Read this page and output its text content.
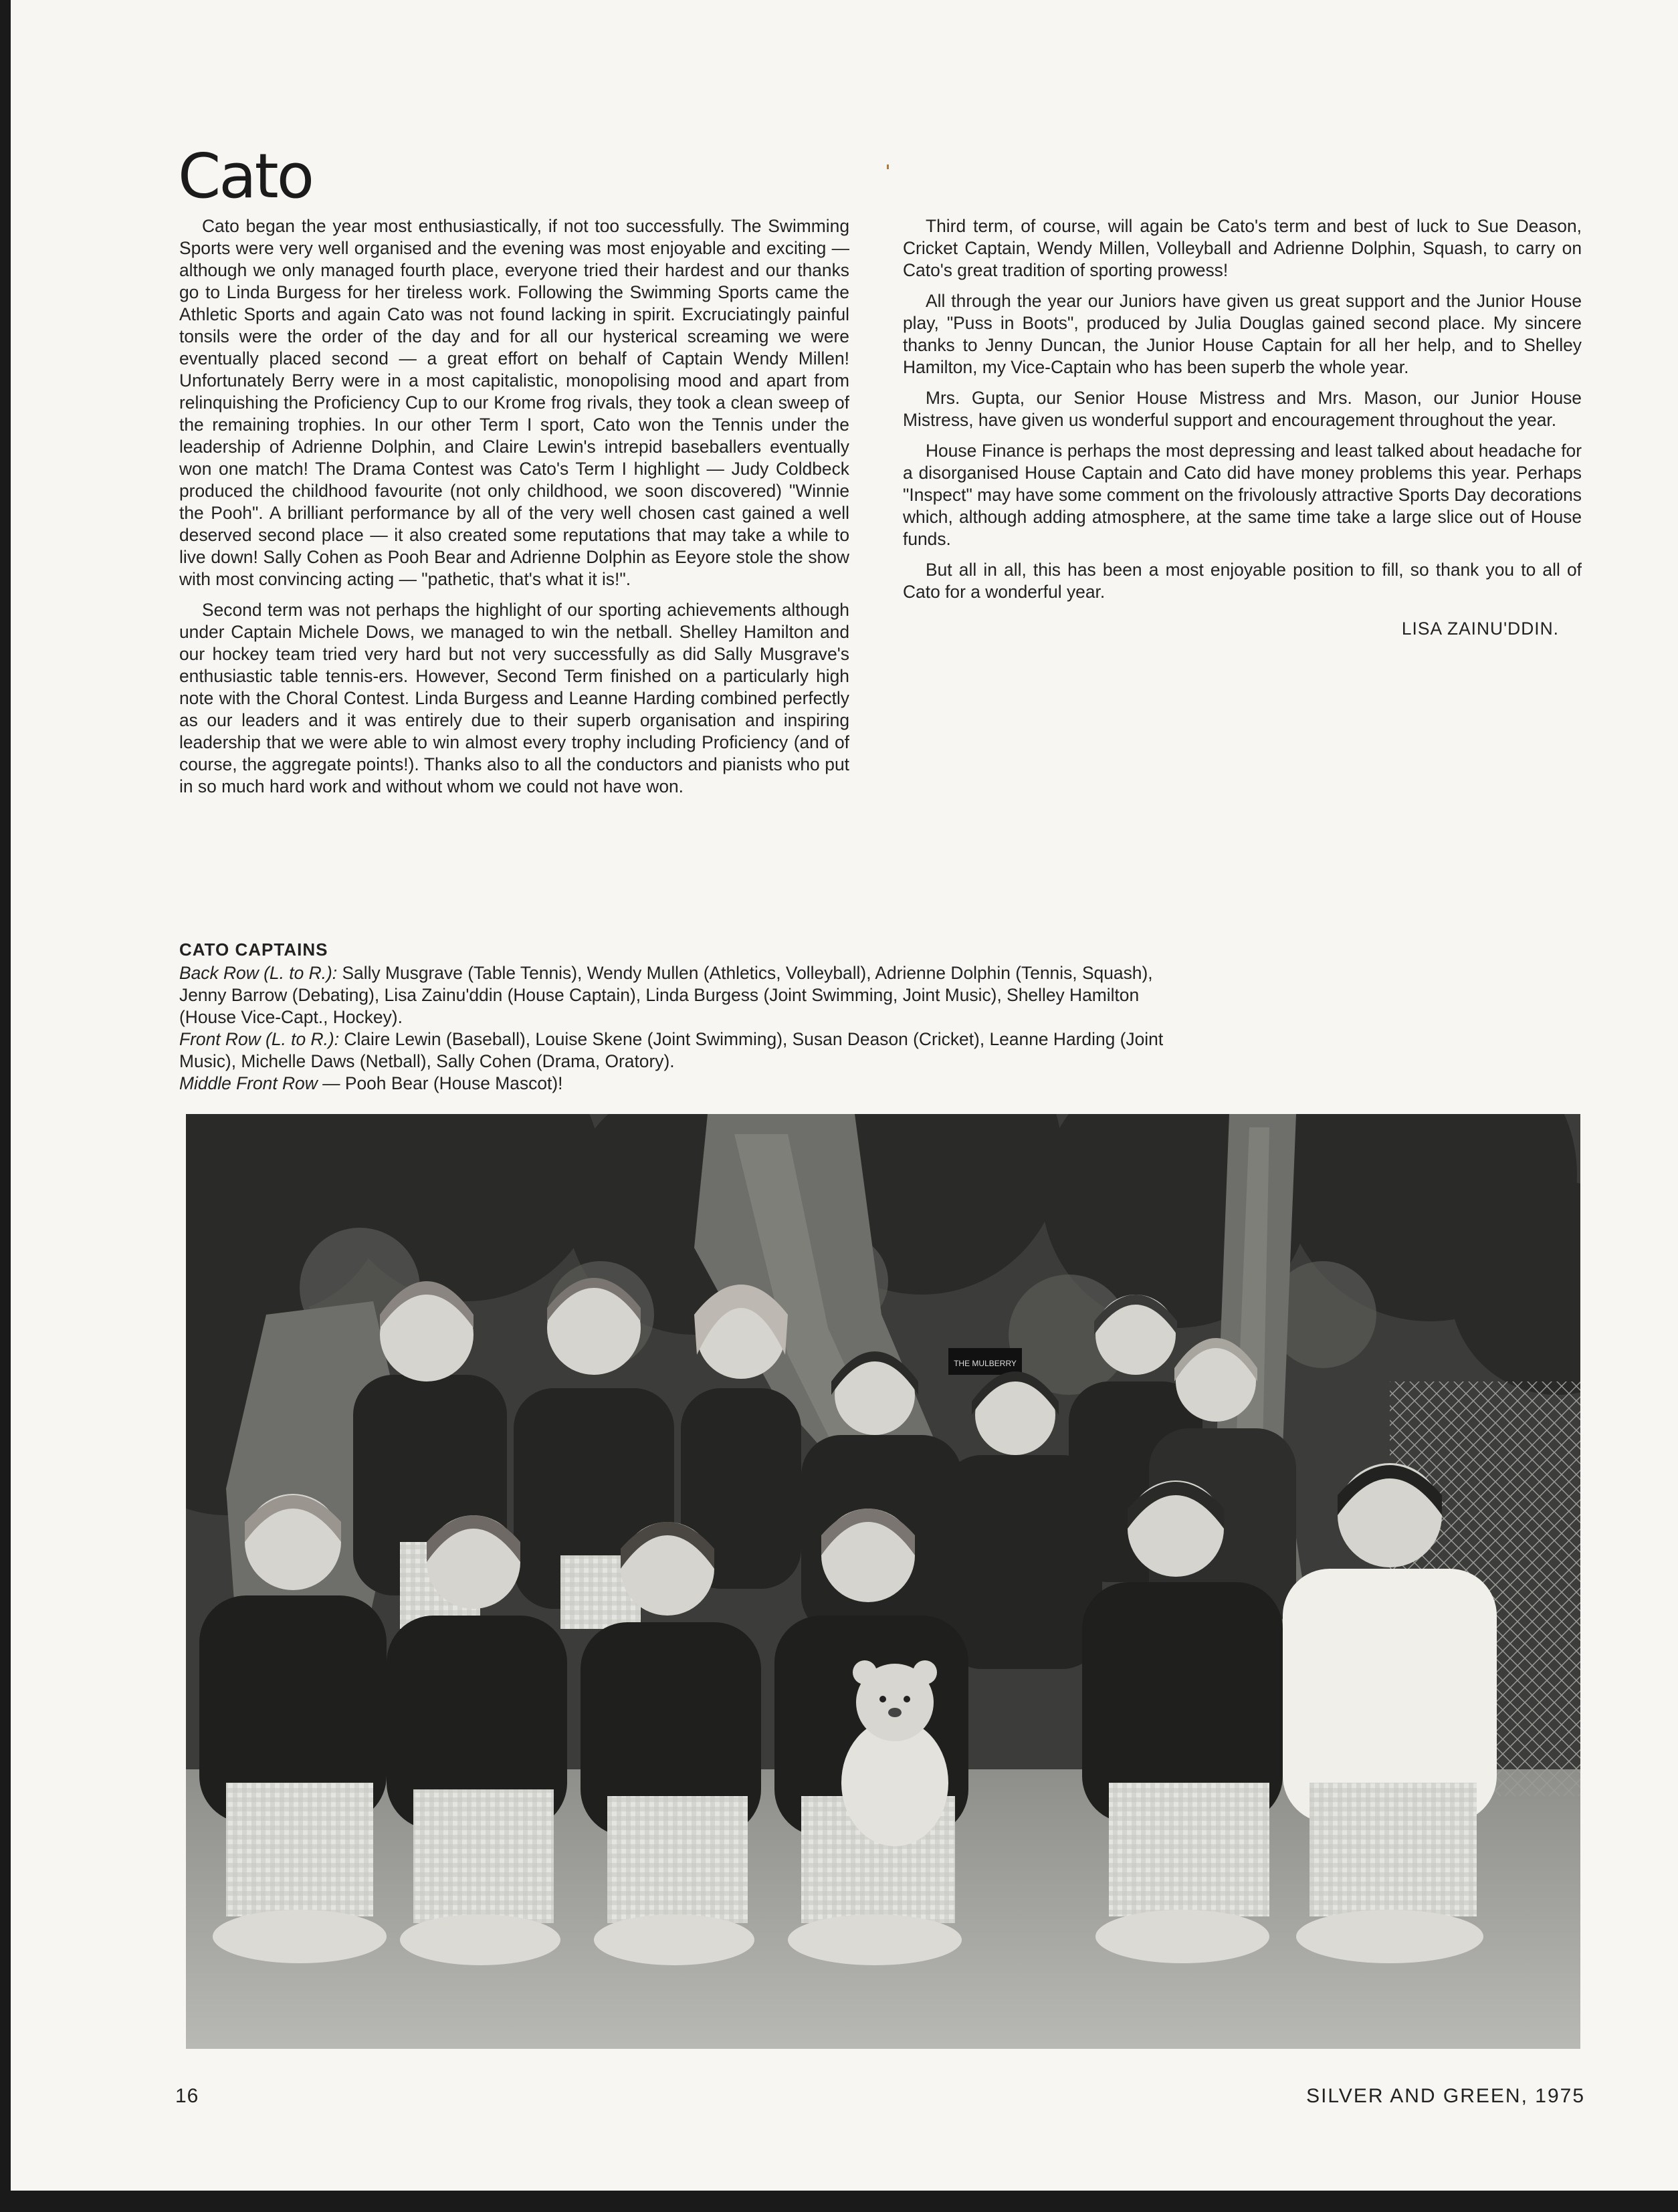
Cato

Cato began the year most enthusiastically, if not too successfully. The Swimming Sports were very well organised and the evening was most enjoyable and exciting — although we only managed fourth place, everyone tried their hardest and our thanks go to Linda Burgess for her tireless work. Following the Swimming Sports came the Athletic Sports and again Cato was not found lacking in spirit. Excruciatingly painful tonsils were the order of the day and for all our hysterical screaming we were eventually placed second — a great effort on behalf of Captain Wendy Millen! Unfortunately Berry were in a most capitalistic, monopolising mood and apart from relinquishing the Proficiency Cup to our Krome frog rivals, they took a clean sweep of the remaining trophies. In our other Term I sport, Cato won the Tennis under the leadership of Adrienne Dolphin, and Claire Lewin's intrepid baseballers eventually won one match! The Drama Contest was Cato's Term I highlight — Judy Coldbeck produced the childhood favourite (not only childhood, we soon discovered) "Winnie the Pooh". A brilliant performance by all of the very well chosen cast gained a well deserved second place — it also created some reputations that may take a while to live down! Sally Cohen as Pooh Bear and Adrienne Dolphin as Eeyore stole the show with most convincing acting — "pathetic, that's what it is!".

Second term was not perhaps the highlight of our sporting achievements although under Captain Michele Dows, we managed to win the netball. Shelley Hamilton and our hockey team tried very hard but not very successfully as did Sally Musgrave's enthusiastic table tennis-ers. However, Second Term finished on a particularly high note with the Choral Contest. Linda Burgess and Leanne Harding combined perfectly as our leaders and it was entirely due to their superb organisation and inspiring leadership that we were able to win almost every trophy including Proficiency (and of course, the aggregate points!). Thanks also to all the conductors and pianists who put in so much hard work and without whom we could not have won.

Third term, of course, will again be Cato's term and best of luck to Sue Deason, Cricket Captain, Wendy Millen, Volleyball and Adrienne Dolphin, Squash, to carry on Cato's great tradition of sporting prowess!

All through the year our Juniors have given us great support and the Junior House play, "Puss in Boots", produced by Julia Douglas gained second place. My sincere thanks to Jenny Duncan, the Junior House Captain for all her help, and to Shelley Hamilton, my Vice-Captain who has been superb the whole year.

Mrs. Gupta, our Senior House Mistress and Mrs. Mason, our Junior House Mistress, have given us wonderful support and encouragement throughout the year.

House Finance is perhaps the most depressing and least talked about headache for a disorganised House Captain and Cato did have money problems this year. Perhaps "Inspect" may have some comment on the frivolously attractive Sports Day decorations which, although adding atmosphere, at the same time take a large slice out of House funds.

But all in all, this has been a most enjoyable position to fill, so thank you to all of Cato for a wonderful year.

LISA ZAINU'DDIN.

CATO CAPTAINS

Back Row (L. to R.): Sally Musgrave (Table Tennis), Wendy Mullen (Athletics, Volleyball), Adrienne Dolphin (Tennis, Squash), Jenny Barrow (Debating), Lisa Zainu'ddin (House Captain), Linda Burgess (Joint Swimming, Joint Music), Shelley Hamilton (House Vice-Capt., Hockey).

Front Row (L. to R.): Claire Lewin (Baseball), Louise Skene (Joint Swimming), Susan Deason (Cricket), Leanne Harding (Joint Music), Michelle Daws (Netball), Sally Cohen (Drama, Oratory).

Middle Front Row — Pooh Bear (House Mascot)!

THE MULBERRY
16	SILVER AND GREEN, 1975
